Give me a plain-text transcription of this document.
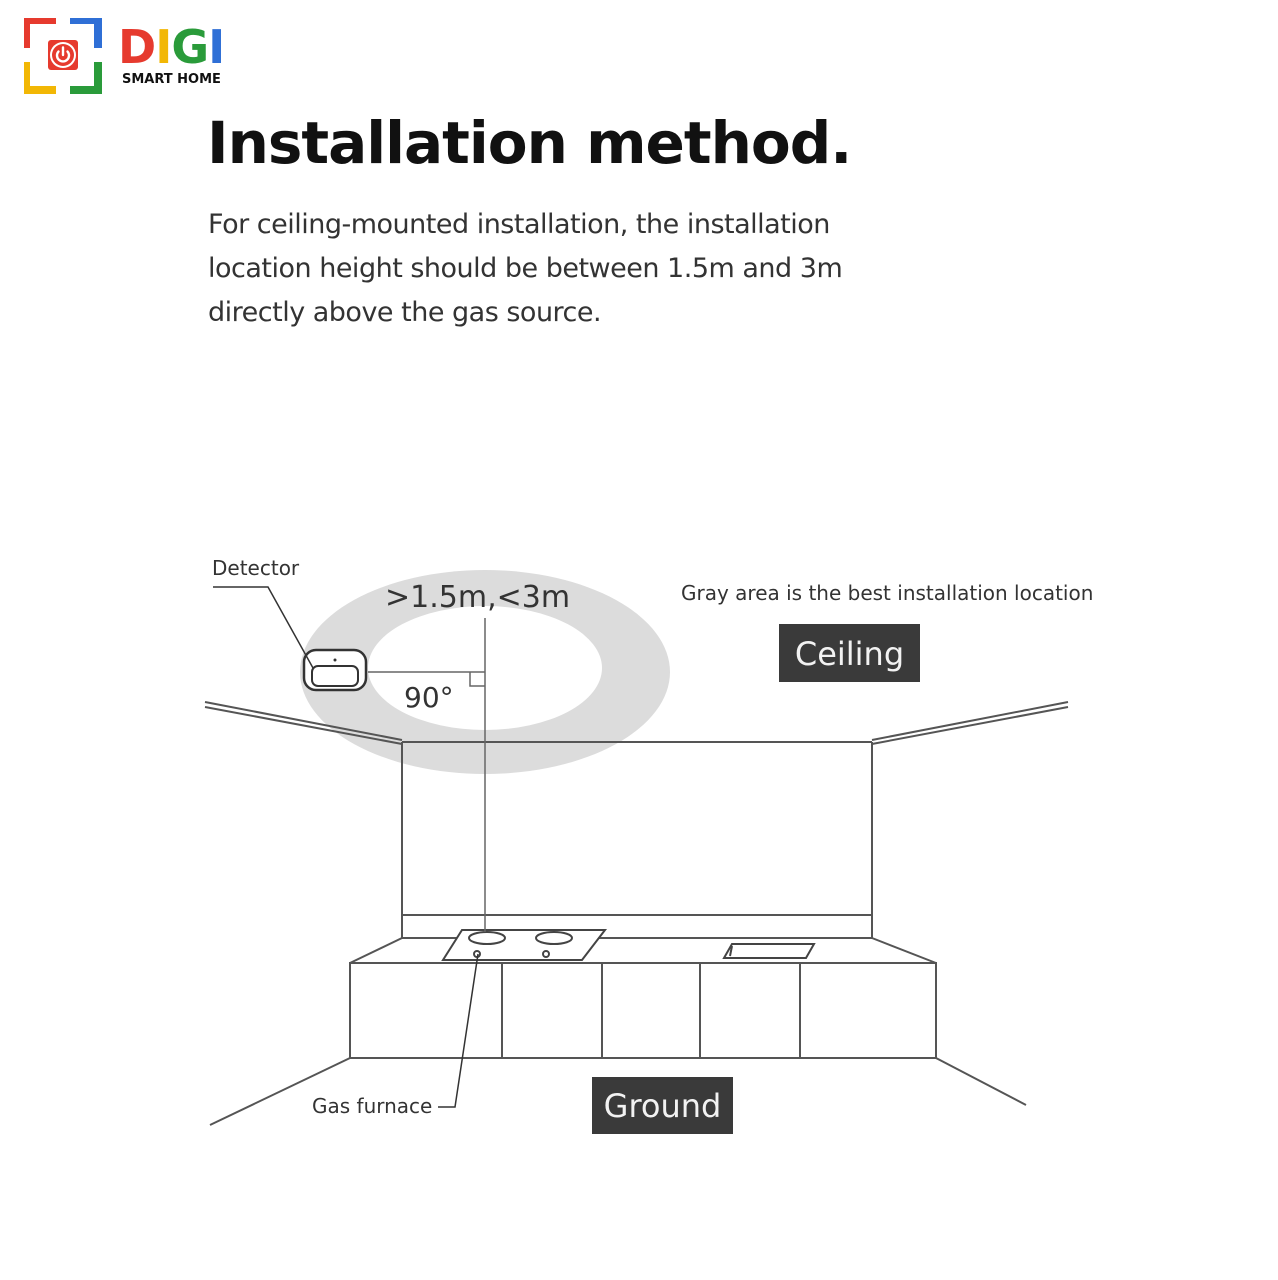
DIGI
SMART HOME
Installation method.

For ceiling-mounted installation, the installation location height should be between 1.5m and 3m directly above the gas source.

Detector
>1.5m,<3m
90°
Gray area is the best installation location
Gas furnace
Ceiling
Ground
